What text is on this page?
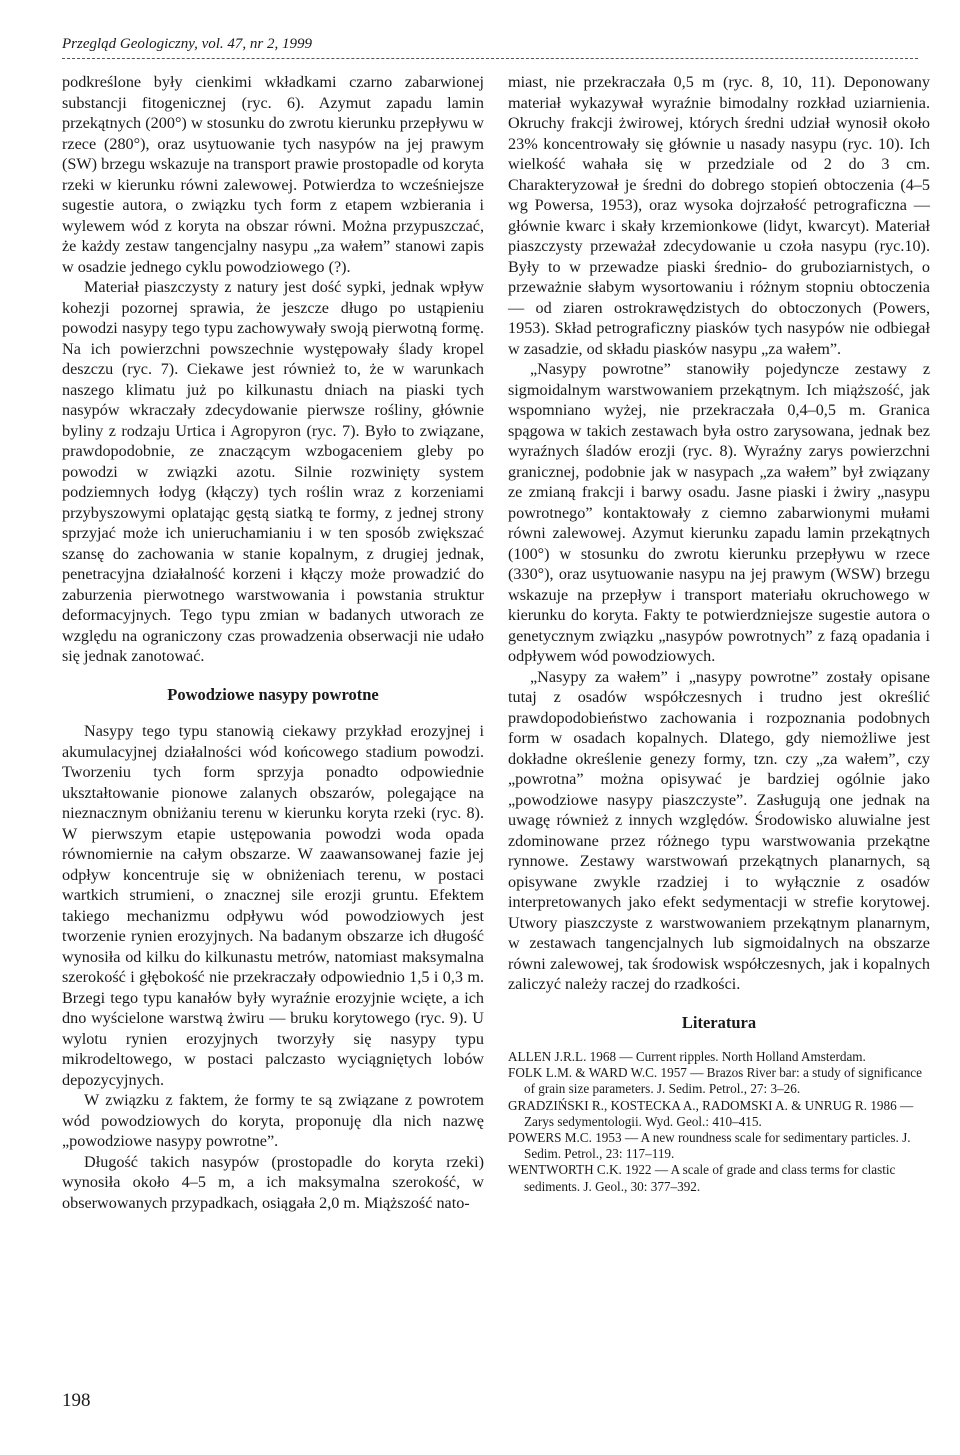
Przegląd Geologiczny, vol. 47, nr 2, 1999

podkreślone były cienkimi wkładkami czarno zabarwionej substancji fitogenicznej (ryc. 6). Azymut zapadu lamin przekątnych (200°) w stosunku do zwrotu kierunku przepływu w rzece (280°), oraz usytuowanie tych nasypów na jej prawym (SW) brzegu wskazuje na transport prawie prostopadle od koryta rzeki w kierunku równi zalewowej. Potwierdza to wcześniejsze sugestie autora, o związku tych form z etapem wzbierania i wylewem wód z koryta na obszar równi. Można przypuszczać, że każdy zestaw tangencjalny nasypu „za wałem” stanowi zapis w osadzie jednego cyklu powodziowego (?).

Materiał piaszczysty z natury jest dość sypki, jednak wpływ kohezji pozornej sprawia, że jeszcze długo po ustąpieniu powodzi nasypy tego typu zachowywały swoją pierwotną formę. Na ich powierzchni powszechnie występowały ślady kropel deszczu (ryc. 7). Ciekawe jest również to, że w warunkach naszego klimatu już po kilkunastu dniach na piaski tych nasypów wkraczały zdecydowanie pierwsze rośliny, głównie byliny z rodzaju Urtica i Agropyron (ryc. 7). Było to związane, prawdopodobnie, ze znaczącym wzbogaceniem gleby po powodzi w związki azotu. Silnie rozwinięty system podziemnych łodyg (kłączy) tych roślin wraz z korzeniami przybyszowymi oplatając gęstą siatką te formy, z jednej strony sprzyjać może ich unieruchamianiu i w ten sposób zwiększać szansę do zachowania w stanie kopalnym, z drugiej jednak, penetracyjna działalność korzeni i kłączy może prowadzić do zaburzenia pierwotnego warstwowania i powstania struktur deformacyjnych. Tego typu zmian w badanych utworach ze względu na ograniczony czas prowadzenia obserwacji nie udało się jednak zanotować.

Powodziowe nasypy powrotne

Nasypy tego typu stanowią ciekawy przykład erozyjnej i akumulacyjnej działalności wód końcowego stadium powodzi. Tworzeniu tych form sprzyja ponadto odpowiednie ukształtowanie pionowe zalanych obszarów, polegające na nieznacznym obniżaniu terenu w kierunku koryta rzeki (ryc. 8). W pierwszym etapie ustępowania powodzi woda opada równomiernie na całym obszarze. W zaawansowanej fazie jej odpływ koncentruje się w obniżeniach terenu, w postaci wartkich strumieni, o znacznej sile erozji gruntu. Efektem takiego mechanizmu odpływu wód powodziowych jest tworzenie rynien erozyjnych. Na badanym obszarze ich długość wynosiła od kilku do kilkunastu metrów, natomiast maksymalna szerokość i głębokość nie przekraczały odpowiednio 1,5 i 0,3 m. Brzegi tego typu kanałów były wyraźnie erozyjnie wcięte, a ich dno wyścielone warstwą żwiru — bruku korytowego (ryc. 9). U wylotu rynien erozyjnych tworzyły się nasypy typu mikrodeltowego, w postaci palczasto wyciągniętych lobów depozycyjnych.

W związku z faktem, że formy te są związane z powrotem wód powodziowych do koryta, proponuję dla nich nazwę „powodziowe nasypy powrotne”.

Długość takich nasypów (prostopadle do koryta rzeki) wynosiła około 4–5 m, a ich maksymalna szerokość, w obserwowanych przypadkach, osiągała 2,0 m. Miąższość nato-

miast, nie przekraczała 0,5 m (ryc. 8, 10, 11). Deponowany materiał wykazywał wyraźnie bimodalny rozkład uziarnienia. Okruchy frakcji żwirowej, których średni udział wynosił około 23% koncentrowały się głównie u nasady nasypu (ryc. 10). Ich wielkość wahała się w przedziale od 2 do 3 cm. Charakteryzował je średni do dobrego stopień obtoczenia (4–5 wg Powersa, 1953), oraz wysoka dojrzałość petrograficzna — głównie kwarc i skały krzemionkowe (lidyt, kwarcyt). Materiał piaszczysty przeważał zdecydowanie u czoła nasypu (ryc.10). Były to w przewadze piaski średnio- do gruboziarnistych, o przeważnie słabym wysortowaniu i różnym stopniu obtoczenia — od ziaren ostrokrawędzistych do obtoczonych (Powers, 1953). Skład petrograficzny piasków tych nasypów nie odbiegał w zasadzie, od składu piasków nasypu „za wałem”.

„Nasypy powrotne” stanowiły pojedyncze zestawy z sigmoidalnym warstwowaniem przekątnym. Ich miąższość, jak wspomniano wyżej, nie przekraczała 0,4–0,5 m. Granica spągowa w takich zestawach była ostro zarysowana, jednak bez wyraźnych śladów erozji (ryc. 8). Wyraźny zarys powierzchni granicznej, podobnie jak w nasypach „za wałem” był związany ze zmianą frakcji i barwy osadu. Jasne piaski i żwiry „nasypu powrotnego” kontaktowały z ciemno zabarwionymi mułami równi zalewowej. Azymut kierunku zapadu lamin przekątnych (100°) w stosunku do zwrotu kierunku przepływu w rzece (330°), oraz usytuowanie nasypu na jej prawym (WSW) brzegu wskazuje na przepływ i transport materiału okruchowego w kierunku do koryta. Fakty te potwierdzniejsze sugestie autora o genetycznym związku „nasypów powrotnych” z fazą opadania i odpływem wód powodziowych.

„Nasypy za wałem” i „nasypy powrotne” zostały opisane tutaj z osadów współczesnych i trudno jest określić prawdopodobieństwo zachowania i rozpoznania podobnych form w osadach kopalnych. Dlatego, gdy niemożliwe jest dokładne określenie genezy formy, tzn. czy „za wałem”, czy „powrotna” można opisywać je bardziej ogólnie jako „powodziowe nasypy piaszczyste”. Zasługują one jednak na uwagę również z innych względów. Środowisko aluwialne jest zdominowane przez różnego typu warstwowania przekątne rynnowe. Zestawy warstwowań przekątnych planarnych, są opisywane zwykle rzadziej i to wyłącznie z osadów interpretowanych jako efekt sedymentacji w strefie korytowej. Utwory piaszczyste z warstwowaniem przekątnym planarnym, w zestawach tangencjalnych lub sigmoidalnych na obszarze równi zalewowej, tak środowisk współczesnych, jak i kopalnych zaliczyć należy raczej do rzadkości.

Literatura
ALLEN J.R.L. 1968 — Current ripples. North Holland Amsterdam.
FOLK L.M. & WARD W.C. 1957 — Brazos River bar: a study of significance of grain size parameters. J. Sedim. Petrol., 27: 3–26.
GRADZIŃSKI R., KOSTECKA A., RADOMSKI A. & UNRUG R. 1986 — Zarys sedymentologii. Wyd. Geol.: 410–415.
POWERS M.C. 1953 — A new roundness scale for sedimentary particles. J. Sedim. Petrol., 23: 117–119.
WENTWORTH C.K. 1922 — A scale of grade and class terms for clastic sediments. J. Geol., 30: 377–392.
198
